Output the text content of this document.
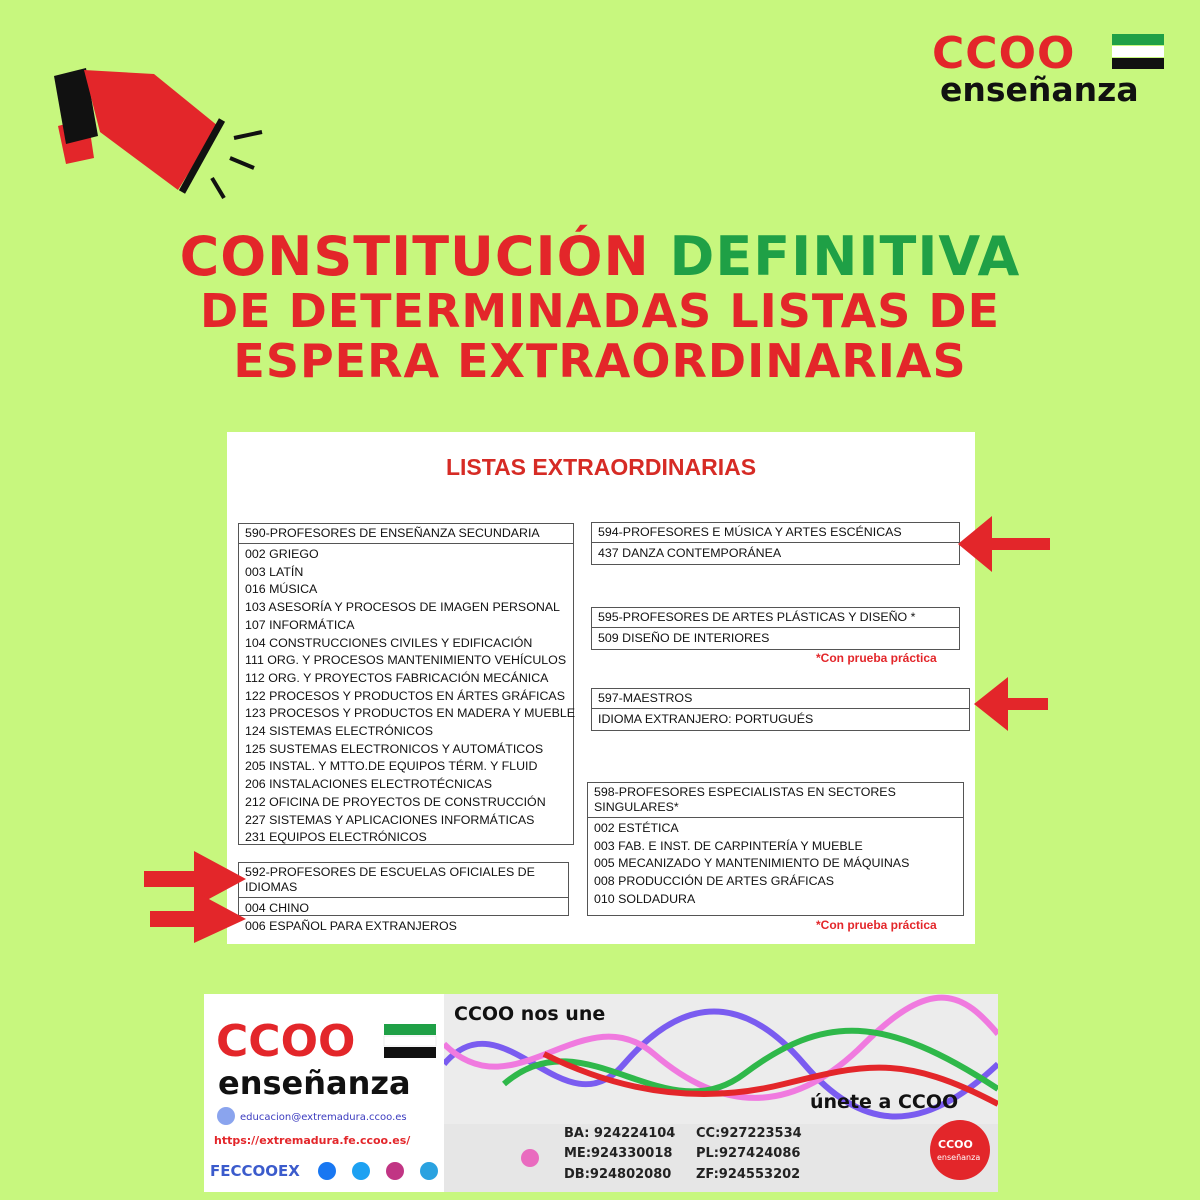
CCOO
enseñanza
CONSTITUCIÓN DEFINITIVA
DE DETERMINADAS LISTAS DE
ESPERA EXTRAORDINARIAS
LISTAS EXTRAORDINARIAS
590-PROFESORES DE ENSEÑANZA SECUNDARIA
002 GRIEGO
003 LATÍN
016 MÚSICA
103 ASESORÍA Y PROCESOS DE IMAGEN PERSONAL
107 INFORMÁTICA
104 CONSTRUCCIONES CIVILES Y EDIFICACIÓN
111 ORG. Y PROCESOS MANTENIMIENTO VEHÍCULOS
112 ORG. Y PROYECTOS FABRICACIÓN MECÁNICA
122 PROCESOS Y PRODUCTOS EN ÁRTES GRÁFICAS
123 PROCESOS Y PRODUCTOS EN MADERA Y MUEBLE
124 SISTEMAS ELECTRÓNICOS
125 SUSTEMAS ELECTRONICOS Y AUTOMÁTICOS
205 INSTAL. Y MTTO.DE EQUIPOS TÉRM. Y FLUID
206 INSTALACIONES ELECTROTÉCNICAS
212 OFICINA DE PROYECTOS DE CONSTRUCCIÓN
227 SISTEMAS Y APLICACIONES INFORMÁTICAS
231 EQUIPOS ELECTRÓNICOS
592-PROFESORES DE ESCUELAS OFICIALES DE IDIOMAS
004 CHINO
006 ESPAÑOL PARA EXTRANJEROS
594-PROFESORES E MÚSICA Y ARTES ESCÉNICAS
437 DANZA CONTEMPORÁNEA
595-PROFESORES DE ARTES PLÁSTICAS Y DISEÑO *
509 DISEÑO DE INTERIORES
*Con prueba práctica
597-MAESTROS
IDIOMA EXTRANJERO: PORTUGUÉS
598-PROFESORES ESPECIALISTAS EN SECTORES
SINGULARES*
002 ESTÉTICA
003 FAB. E INST. DE CARPINTERÍA Y MUEBLE
005 MECANIZADO Y MANTENIMIENTO DE MÁQUINAS
008 PRODUCCIÓN DE ARTES GRÁFICAS
010 SOLDADURA
*Con prueba práctica
CCOO
enseñanza
educacion@extremadura.ccoo.es
https://extremadura.fe.ccoo.es/
FECCOOEX
CCOO nos une
únete a CCOO
BA: 924224104 CC:927223534
ME:924330018 PL:927424086
DB:924802080 ZF:924553202
CCOO
enseñanza
